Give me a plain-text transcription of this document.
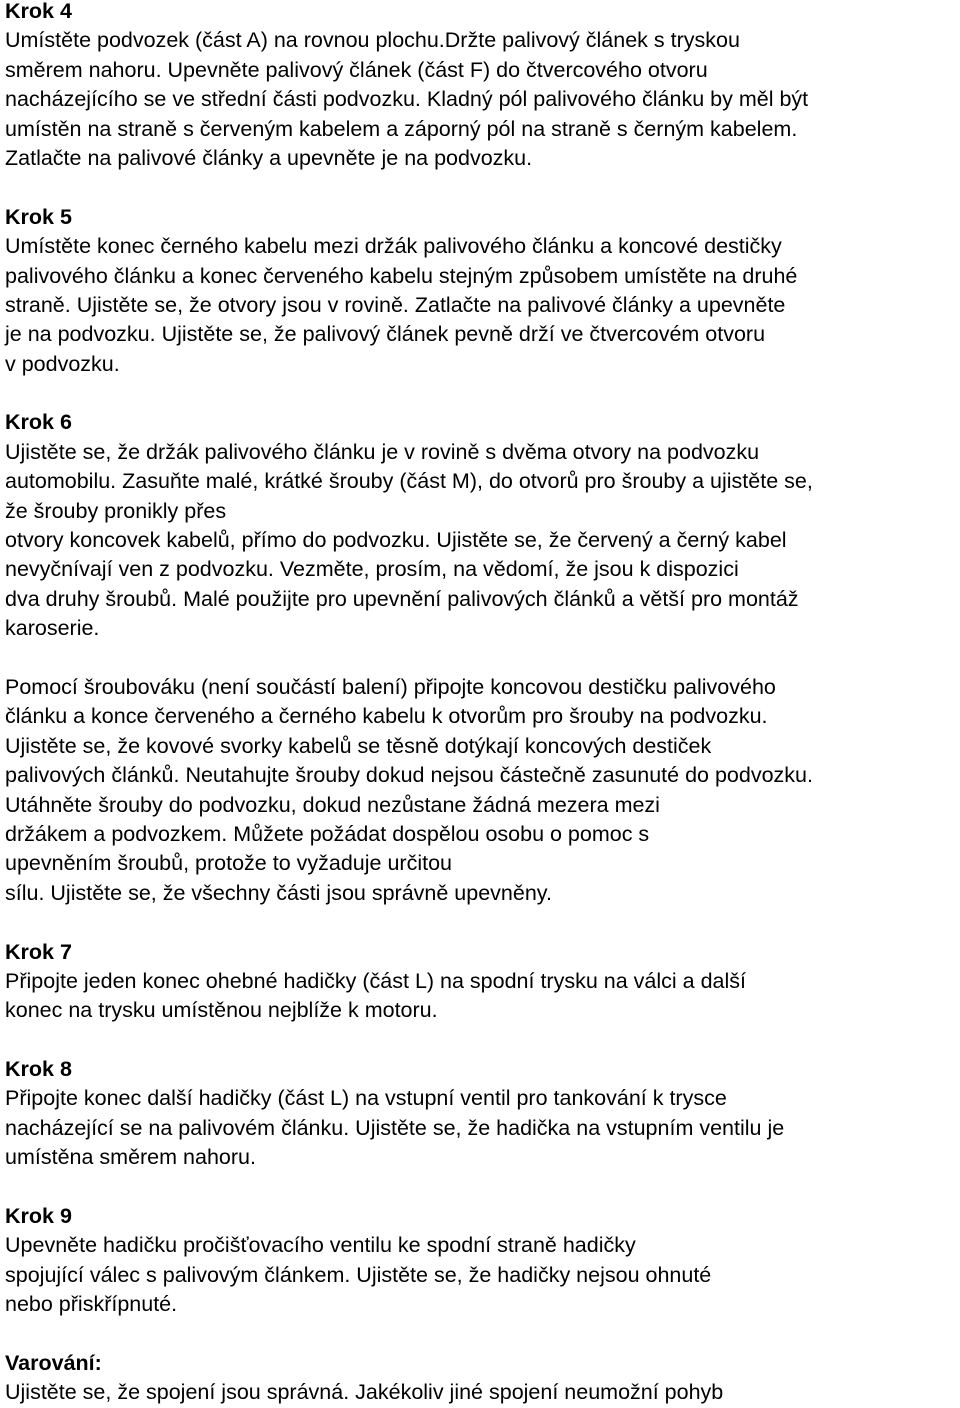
Krok 4
Umístěte podvozek (část A) na rovnou plochu.Držte palivový článek s tryskou
směrem nahoru. Upevněte palivový článek (část F) do čtvercového otvoru
nacházejícího se ve střední části podvozku. Kladný pól palivového článku by měl být
umístěn na straně s červeným kabelem a záporný pól na straně s černým kabelem.
Zatlačte na palivové články a upevněte je na podvozku.
Krok 5
Umístěte konec černého kabelu mezi držák palivového článku a koncové destičky
palivového článku a konec červeného kabelu stejným způsobem umístěte na druhé
straně. Ujistěte se, že otvory jsou v rovině. Zatlačte na palivové články a upevněte
je na podvozku. Ujistěte se, že palivový článek pevně drží ve čtvercovém otvoru
v podvozku.
Krok 6
Ujistěte se, že držák palivového článku je v rovině s dvěma otvory na podvozku
automobilu. Zasuňte malé, krátké šrouby (část M), do otvorů pro šrouby a ujistěte se,
že šrouby pronikly přes
otvory koncovek kabelů, přímo do podvozku. Ujistěte se, že červený a černý kabel
nevyčnívají ven z podvozku. Vezměte, prosím, na vědomí, že jsou k dispozici
dva druhy šroubů. Malé použijte pro upevnění palivových článků a větší pro montáž
karoserie.
Pomocí šroubováku (není součástí balení) připojte koncovou destičku palivového
článku a konce červeného a černého kabelu k otvorům pro šrouby na podvozku.
Ujistěte se, že kovové svorky kabelů se těsně dotýkají koncových destiček
palivových článků. Neutahujte šrouby dokud nejsou částečně zasunuté do podvozku.
Utáhněte šrouby do podvozku, dokud nezůstane žádná mezera mezi
držákem a podvozkem. Můžete požádat dospělou osobu o pomoc s
upevněním šroubů, protože to vyžaduje určitou
sílu. Ujistěte se, že všechny části jsou správně upevněny.
Krok 7
Připojte jeden konec ohebné hadičky (část L) na spodní trysku na válci a další
konec na trysku umístěnou nejblíže k motoru.
Krok 8
Připojte konec další hadičky (část L) na vstupní ventil pro tankování k trysce
nacházející se na palivovém článku. Ujistěte se, že hadička na vstupním ventilu je
umístěna směrem nahoru.
Krok 9
Upevněte hadičku pročišťovacího ventilu ke spodní straně hadičky
spojující válec s palivovým článkem. Ujistěte se, že hadičky nejsou ohnuté
nebo přiskřípnuté.
Varování:
Ujistěte se, že spojení jsou správná. Jakékoliv jiné spojení neumožní pohyb
